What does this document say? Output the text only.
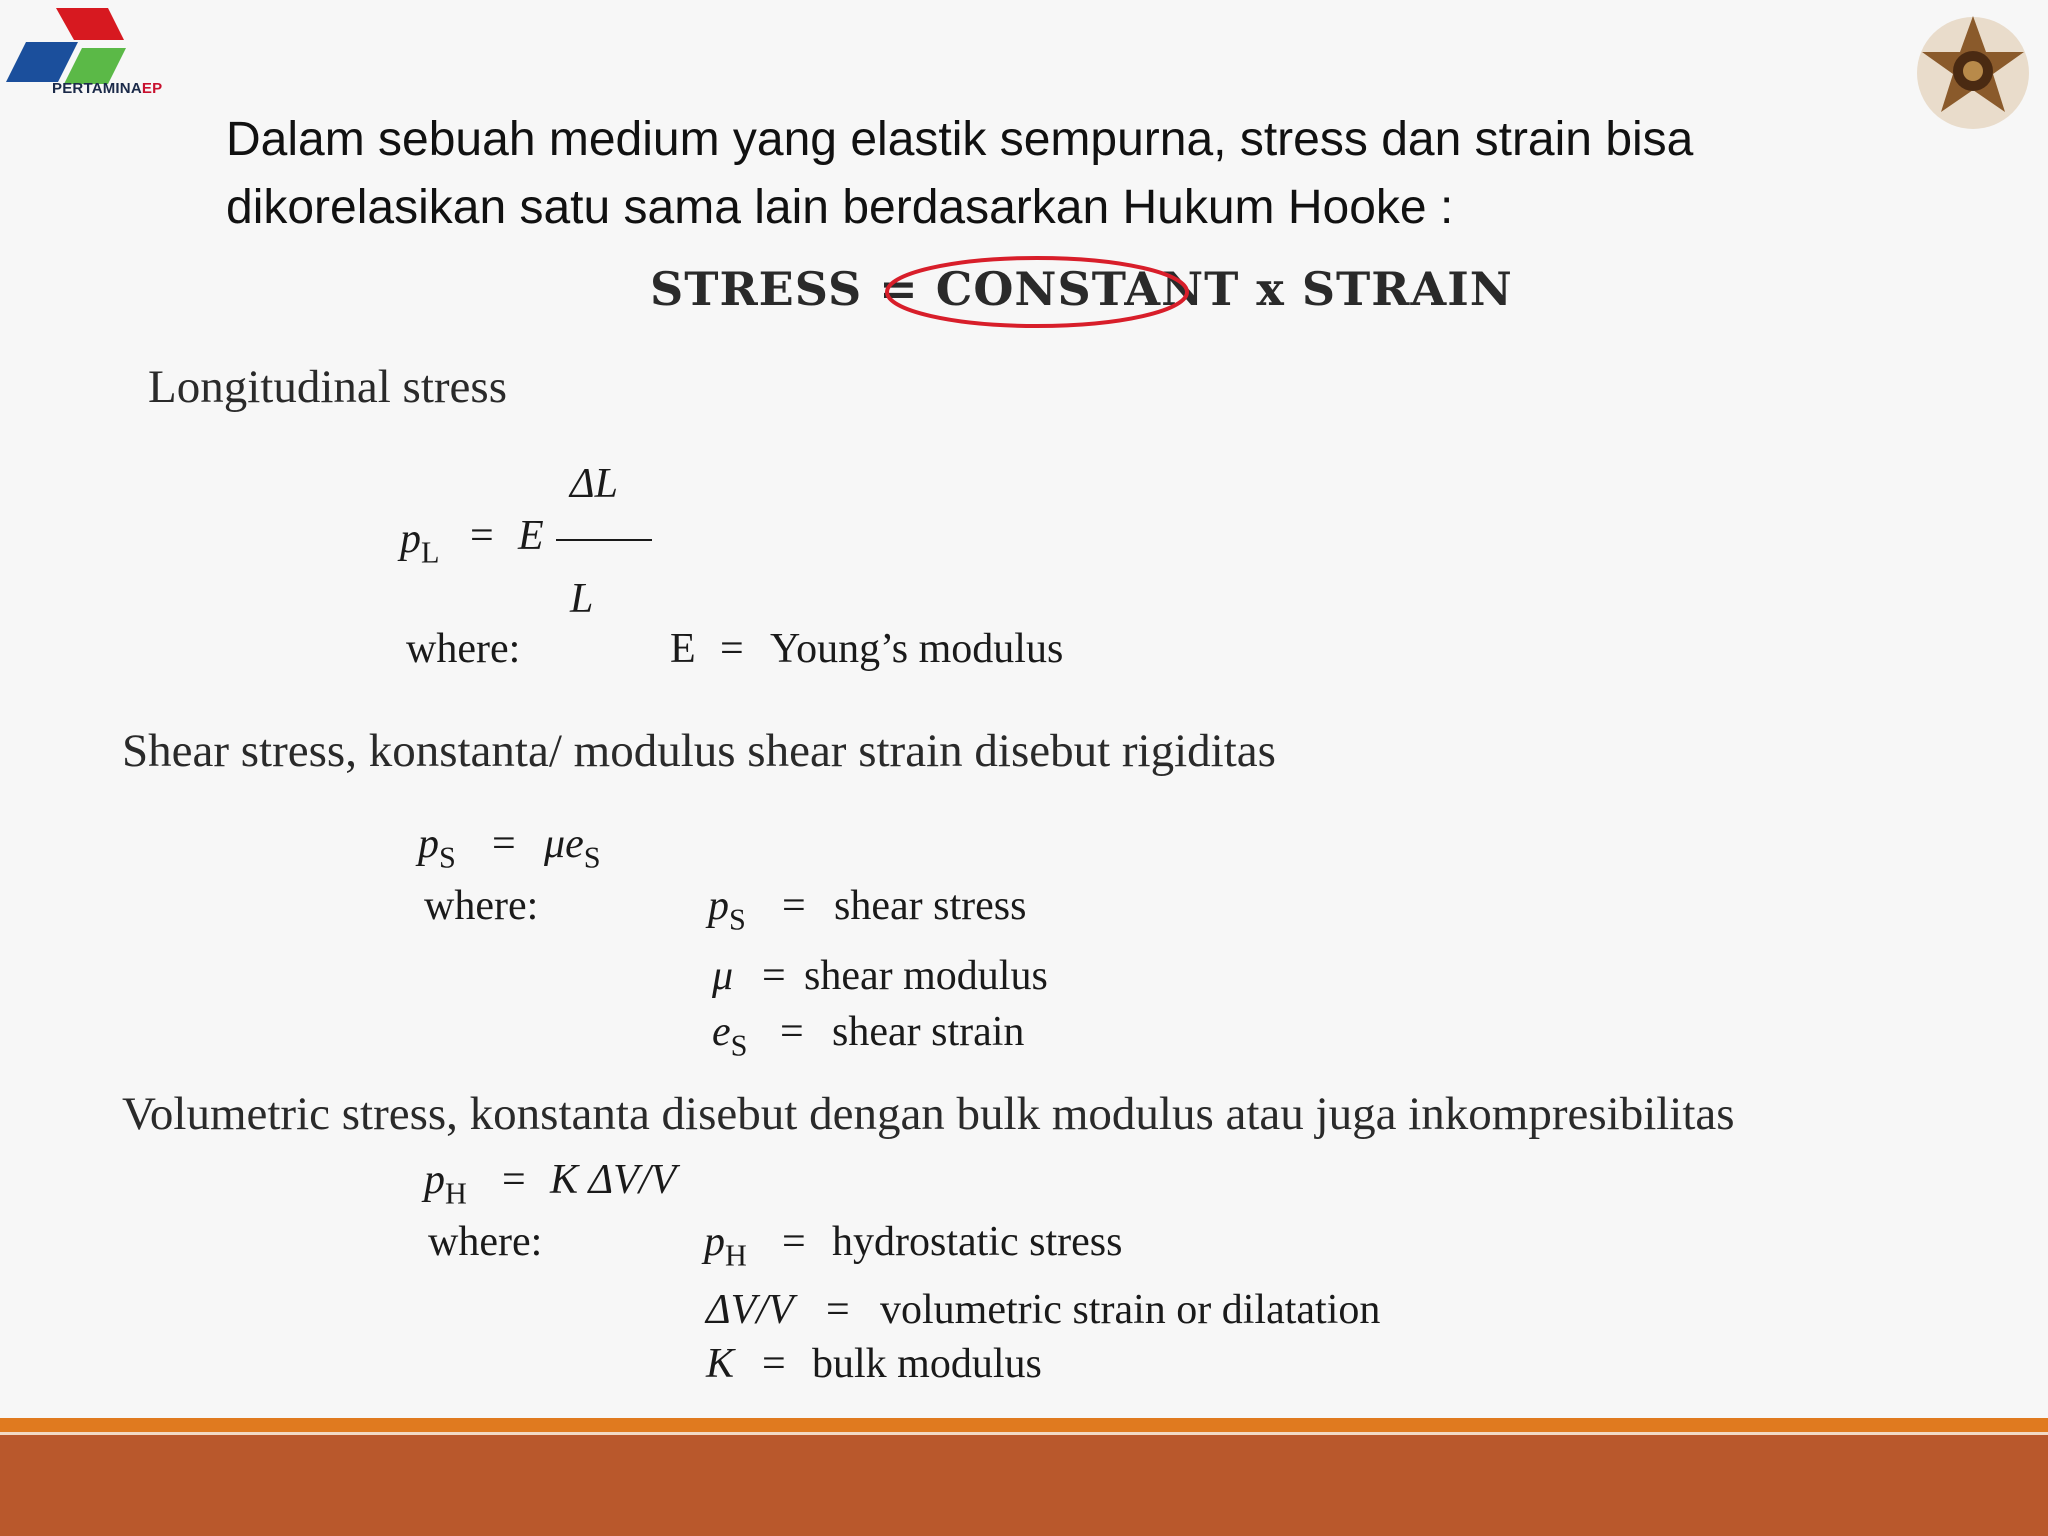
PERTAMINAEP

Dalam sebuah medium yang elastik sempurna, stress dan strain bisa

dikorelasikan satu sama lain berdasarkan Hukum Hooke :

STRESS = CONSTANT x STRAIN

Longitudinal stress

$p_L = E$
ΔL
L
where:	E = Young’s modulus

Shear stress, konstanta/ modulus shear strain disebut rigiditas

$p_S = \mu e_S$
where:	$p_S$ = shear stress
μ = shear modulus
$e_S$ = shear strain

Volumetric stress, konstanta disebut dengan bulk modulus atau juga inkompresibilitas

$p_H = K$ ΔV/V
where:	$p_H$ = hydrostatic stress
ΔV/V = volumetric strain or dilatation
K = bulk modulus
